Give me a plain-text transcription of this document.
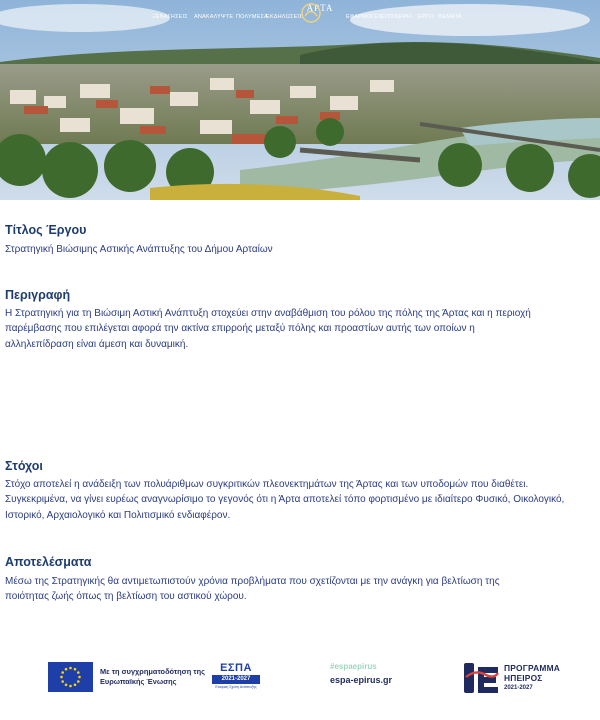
ΞΕΝΑΓΗΣΕΙΣ ΑΝΑΚΑΛΥΨΤΕ ΠΟΛΥΜΕΣΑ
ΕΚΔΗΛΩΣΕΙΣ	ΕΦΑΡΜΟΓΕΣ ΕΠΙΣΚΕΨΗ ΕΡΓΟ ΘΕΜΑΤΑ
ΑΡΤΑ
Τίτλος Έργου

Στρατηγική Βιώσιμης Αστικής Ανάπτυξης του Δήμου Αρταίων

Περιγραφή

Η Στρατηγική για τη Βιώσιμη Αστική Ανάπτυξη στοχεύει στην αναβάθμιση του ρόλου της πόλης της Άρτας και η περιοχή παρέμβασης που επιλέγεται αφορά την ακτίνα επιρροής μεταξύ πόλης και προαστίων αυτής των οποίων η αλληλεπίδραση είναι άμεση και δυναμική.

Στόχοι

Στόχο αποτελεί η ανάδειξη των πολυάριθμων συγκριτικών πλεονεκτημάτων της Άρτας και των υποδομών που διαθέτει. Συγκεκριμένα, να γίνει ευρέως αναγνωρίσιμο το γεγονός ότι η Άρτα αποτελεί τόπο φορτισμένο με ιδιαίτερο Φυσικό, Οικολογικό, Ιστορικό, Αρχαιολογικό και Πολιτισμικό ενδιαφέρον.

Αποτελέσματα

Μέσω της Στρατηγικής θα αντιμετωπιστούν χρόνια προβλήματα που σχετίζονται με την ανάγκη για βελτίωση της ποιότητας ζωής όπως τη βελτίωση του αστικού χώρου.

Με τη συγχρηματοδότηση της Ευρωπαϊκής Ένωσης
ΕΣΠΑ
2021-2027
Εταιρική Σχέση Ανάπτυξης
#espaepirus
espa-epirus.gr
ΠΡΟΓΡΑΜΜΑ ΗΠΕΙΡΟΣ
2021-2027
